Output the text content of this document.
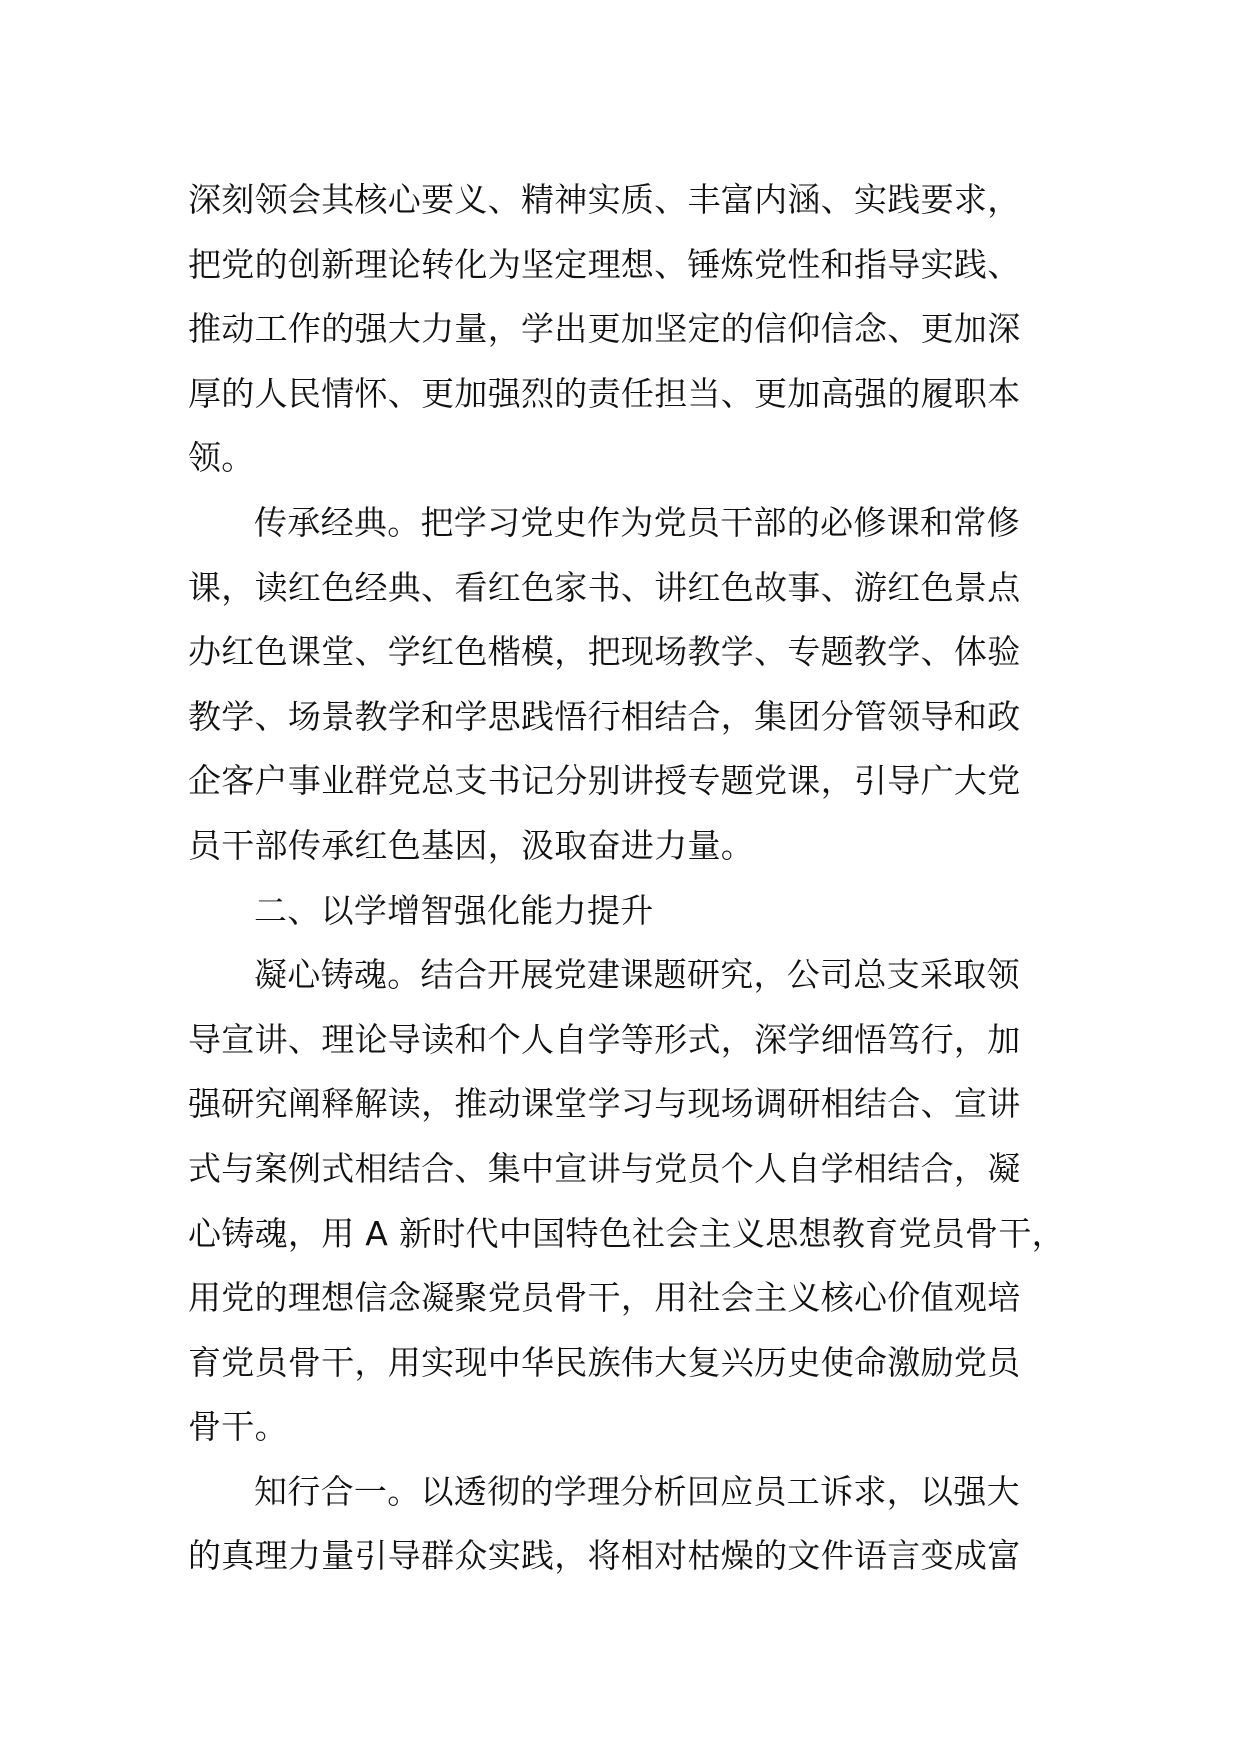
深刻领会其核心要义、精神实质、丰富内涵、实践要求，
把党的创新理论转化为坚定理想、锤炼党性和指导实践、
推动工作的强大力量，学出更加坚定的信仰信念、更加深
厚的人民情怀、更加强烈的责任担当、更加高强的履职本
领。
传承经典。把学习党史作为党员干部的必修课和常修
课，读红色经典、看红色家书、讲红色故事、游红色景点
办红色课堂、学红色楷模，把现场教学、专题教学、体验
教学、场景教学和学思践悟行相结合，集团分管领导和政
企客户事业群党总支书记分别讲授专题党课，引导广大党
员干部传承红色基因，汲取奋进力量。
二、以学增智强化能力提升
凝心铸魂。结合开展党建课题研究，公司总支采取领
导宣讲、理论导读和个人自学等形式，深学细悟笃行，加
强研究阐释解读，推动课堂学习与现场调研相结合、宣讲
式与案例式相结合、集中宣讲与党员个人自学相结合，凝
心铸魂，用 A 新时代中国特色社会主义思想教育党员骨干，
用党的理想信念凝聚党员骨干，用社会主义核心价值观培
育党员骨干，用实现中华民族伟大复兴历史使命激励党员
骨干。
知行合一。以透彻的学理分析回应员工诉求，以强大
的真理力量引导群众实践，将相对枯燥的文件语言变成富
